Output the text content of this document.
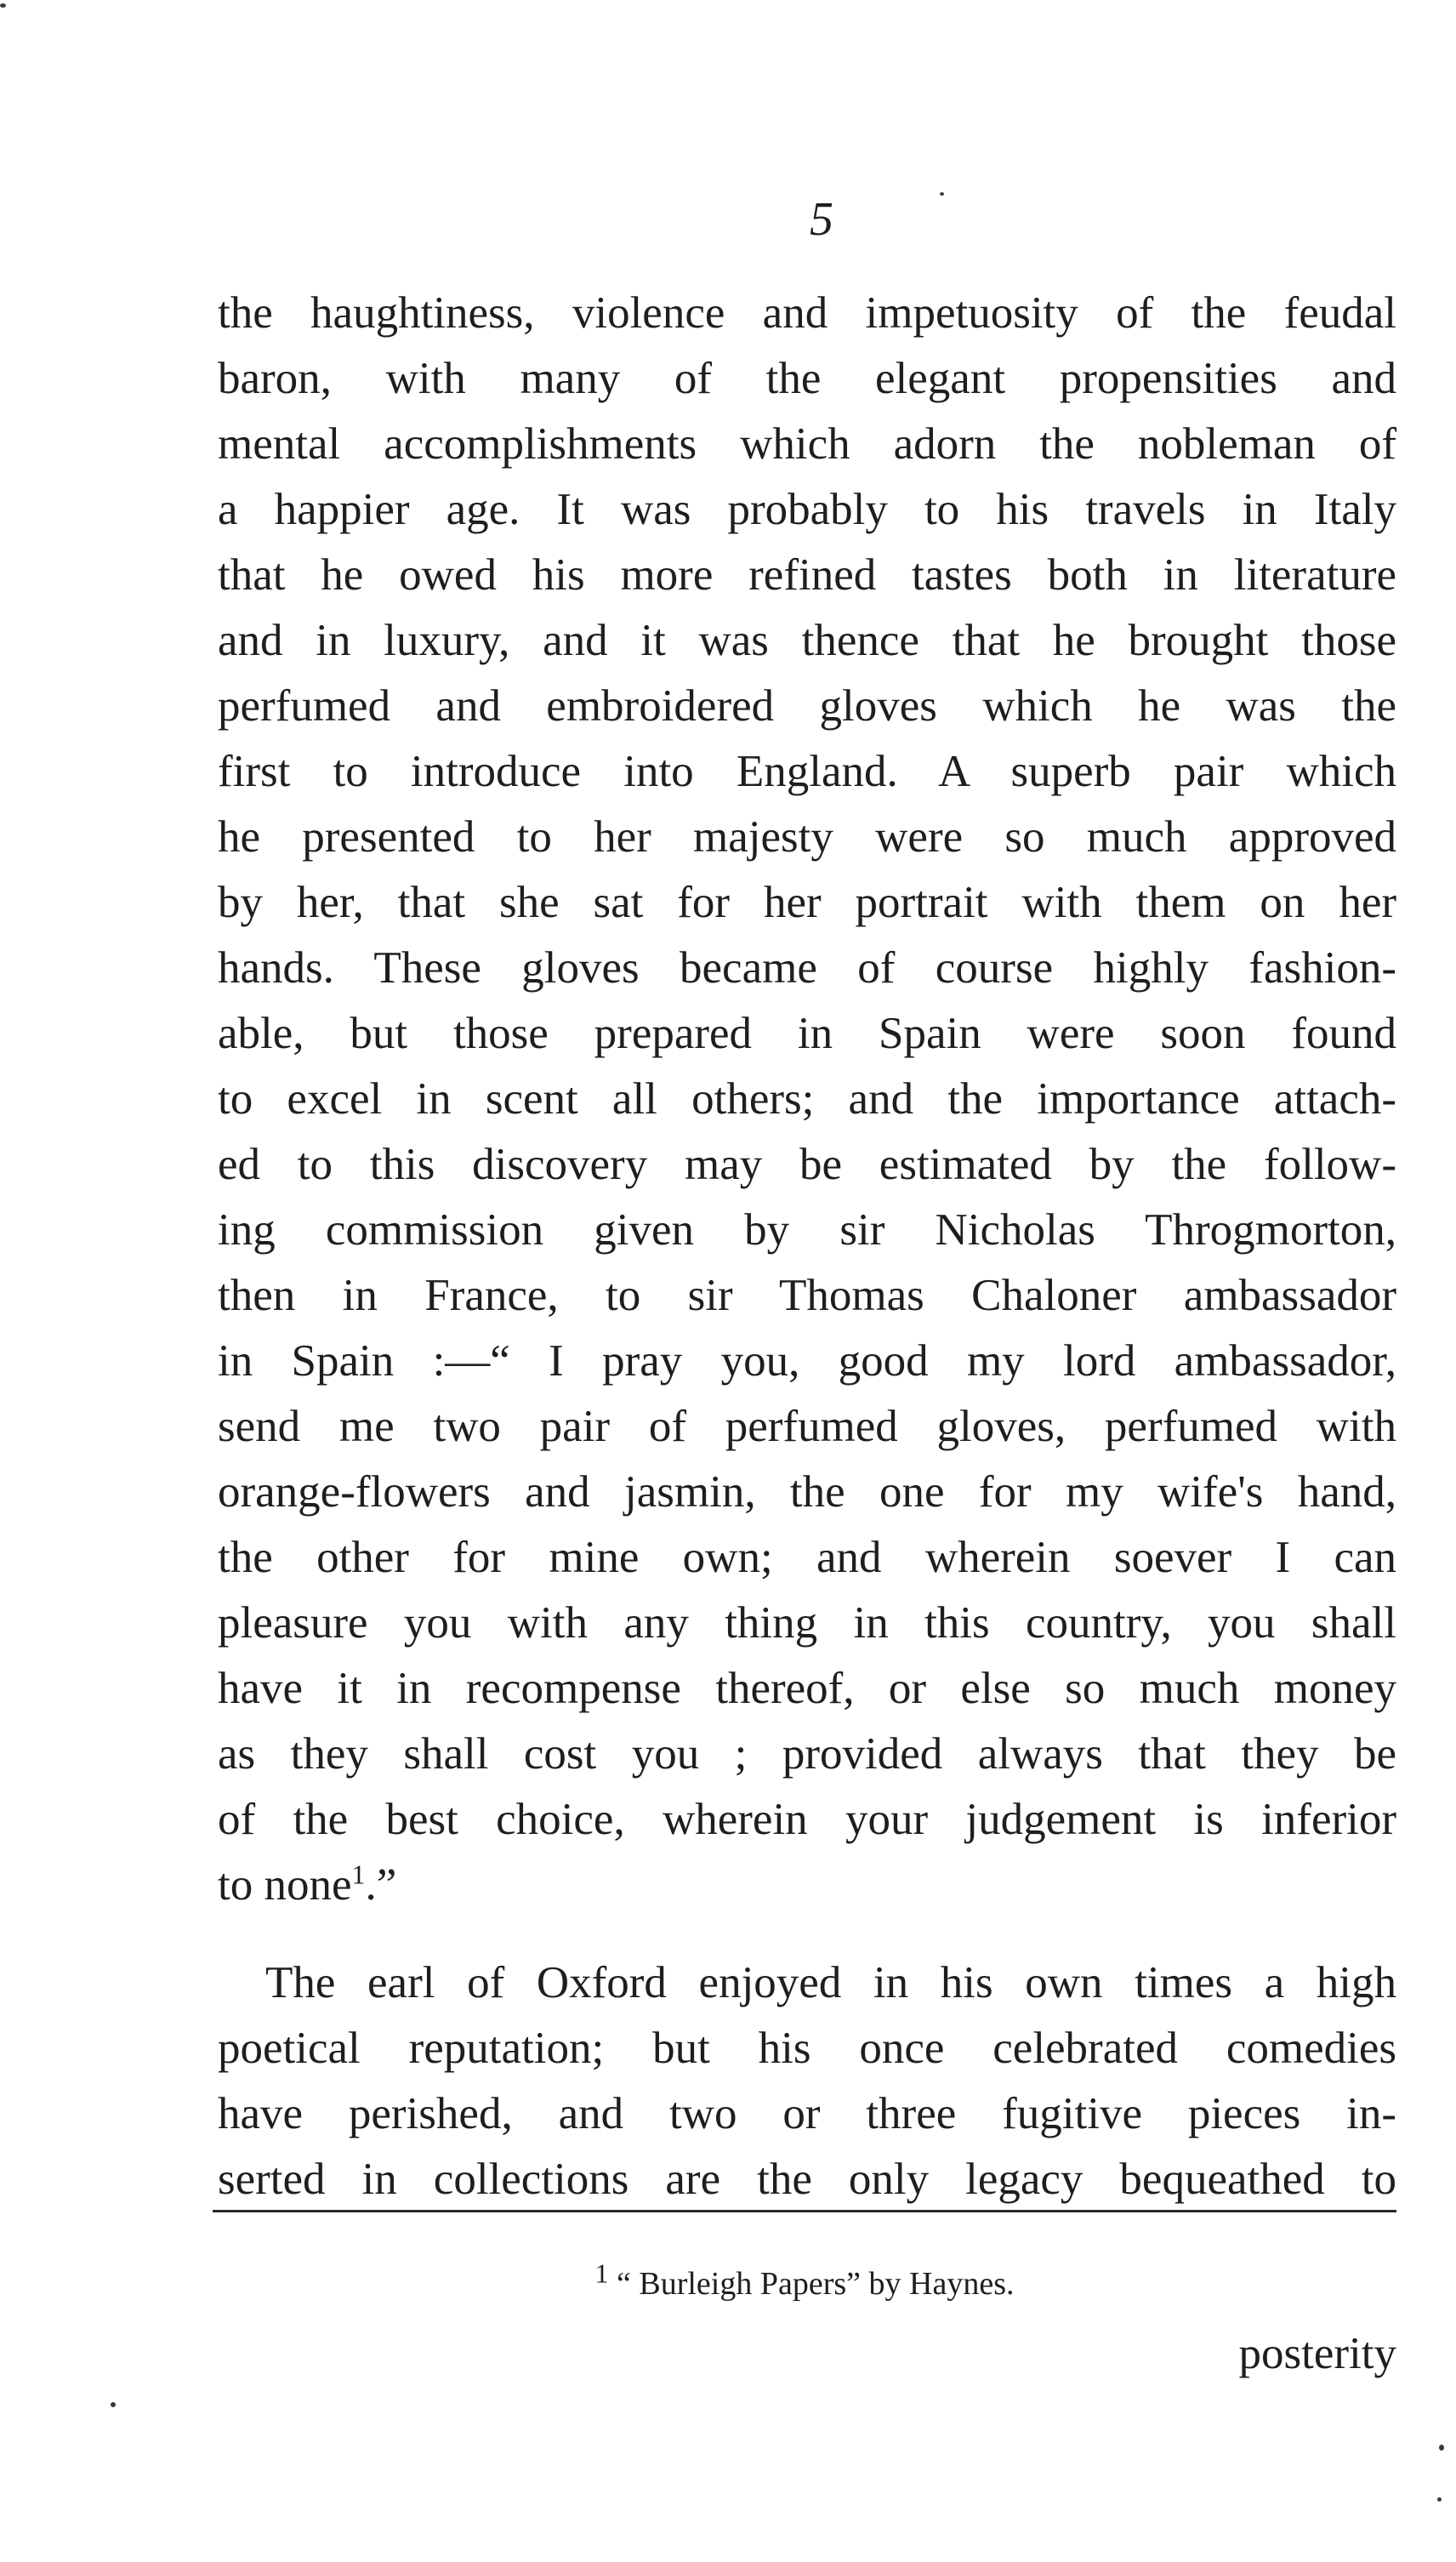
5
the haughtiness, violence and impetuosity of the feudal
baron, with many of the elegant propensities and
mental accomplishments which adorn the nobleman of
a happier age. It was probably to his travels in Italy
that he owed his more refined tastes both in literature
and in luxury, and it was thence that he brought those
perfumed and embroidered gloves which he was the
first to introduce into England. A superb pair which
he presented to her majesty were so much approved
by her, that she sat for her portrait with them on her
hands. These gloves became of course highly fashion-
able, but those prepared in Spain were soon found
to excel in scent all others; and the importance attach-
ed to this discovery may be estimated by the follow-
ing commission given by sir Nicholas Throgmorton,
then in France, to sir Thomas Chaloner ambassador
in Spain :—“ I pray you, good my lord ambassador,
send me two pair of perfumed gloves, perfumed with
orange-flowers and jasmin, the one for my wife's hand,
the other for mine own; and wherein soever I can
pleasure you with any thing in this country, you shall
have it in recompense thereof, or else so much money
as they shall cost you ; provided always that they be
of the best choice, wherein your judgement is inferior
to none$^1$.”
The earl of Oxford enjoyed in his own times a high
poetical reputation; but his once celebrated comedies
have perished, and two or three fugitive pieces in-
serted in collections are the only legacy bequeathed to
$^1$ “ Burleigh Papers” by Haynes.
posterity
